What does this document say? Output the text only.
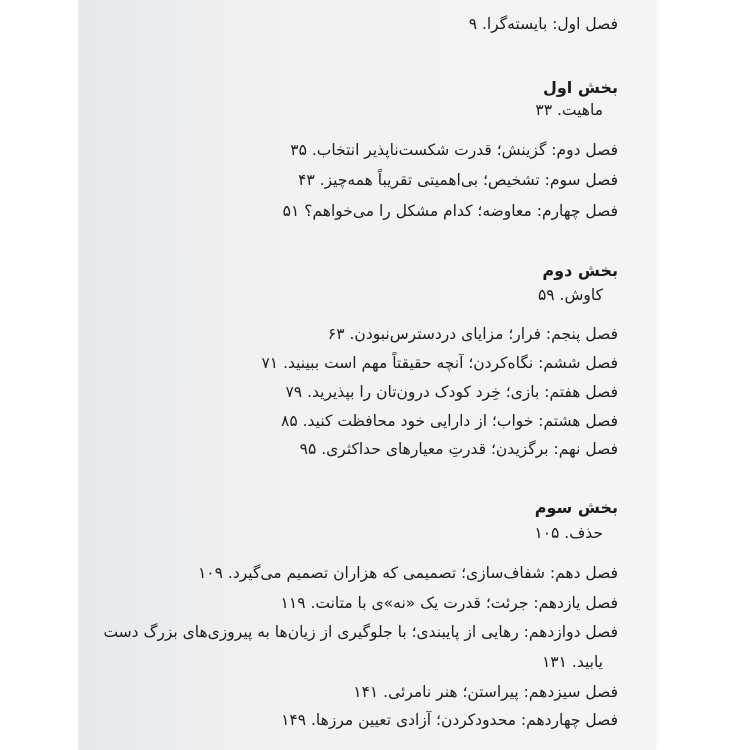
فصل اول: بایسته‌گرا. ۹
بخش اول
ماهیت. ۳۳
فصل دوم: گزینش؛ قدرت شکست‌ناپذیر انتخاب. ۳۵
فصل سوم: تشخیص؛ بی‌اهمیتی تقریباً همه‌چیز. ۴۳
فصل چهارم: معاوضه؛ کدام مشکل را می‌خواهم؟ ۵۱
بخش دوم
کاوش. ۵۹
فصل پنجم: فرار؛ مزایای دردسترس‌نبودن. ۶۳
فصل ششم: نگاه‌کردن؛ آنچه حقیقتاً مهم است ببینید. ۷۱
فصل هفتم: بازی؛ خِرد کودک درون‌تان را بپذیرید. ۷۹
فصل هشتم: خواب؛ از دارایی خود محافظت کنید. ۸۵
فصل نهم: برگزیدن؛ قدرتِ معیارهای حداکثری. ۹۵
بخش سوم
حذف. ۱۰۵
فصل دهم: شفاف‌سازی؛ تصمیمی که هزاران تصمیم می‌گیرد. ۱۰۹
فصل یازدهم: جرئت؛ قدرت یک «نه»ی با متانت. ۱۱۹
فصل دوازدهم: رهایی از پایبندی؛ با جلوگیری از زیان‌ها به پیروزی‌های بزرگ دست
یابید. ۱۳۱
فصل سیزدهم: پیراستن؛ هنر نامرئی. ۱۴۱
فصل چهاردهم: محدودکردن؛ آزادی تعیین مرزها. ۱۴۹
